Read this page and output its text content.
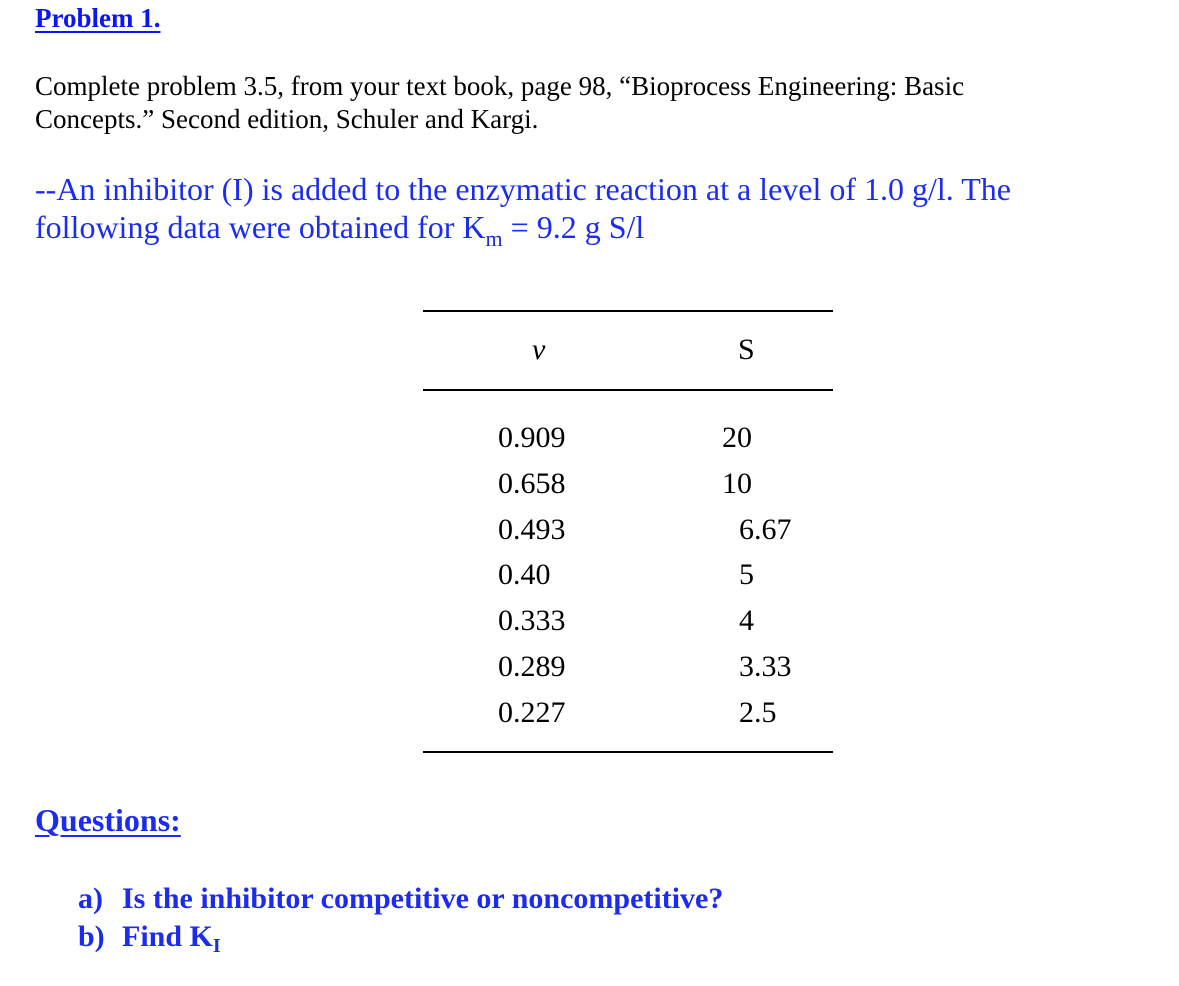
Problem 1.
Complete problem 3.5, from your text book, page 98, “Bioprocess Engineering: Basic
Concepts.” Second edition, Schuler and Kargi.
--An inhibitor (I) is added to the enzymatic reaction at a level of 1.0 g/l. The
following data were obtained for $K_m = 9.2$ g S/l
v	S
0.909
0.658
0.493
0.40
0.333
0.289
0.227
20
10
6.67
5
4
3.33
2.5
Questions:
a) Is the inhibitor competitive or noncompetitive?
b) Find $K_I$
